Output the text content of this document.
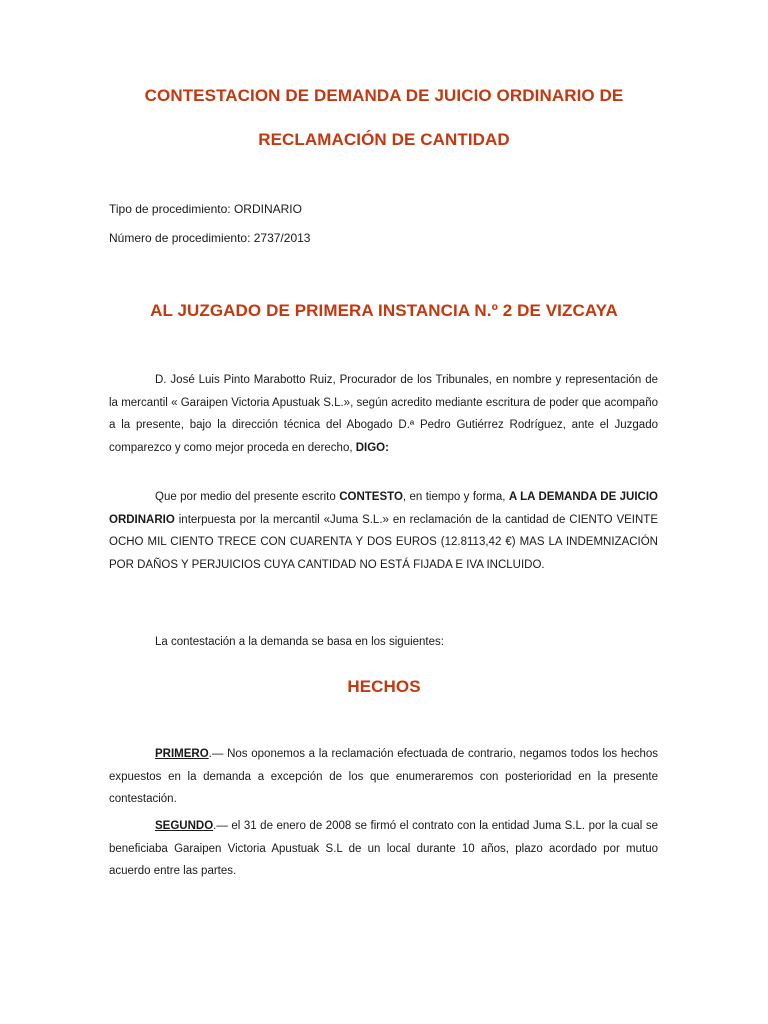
CONTESTACION DE DEMANDA DE JUICIO ORDINARIO DE
RECLAMACIÓN DE CANTIDAD

Tipo de procedimiento: ORDINARIO

Número de procedimiento: 2737/2013

AL JUZGADO DE PRIMERA INSTANCIA N.º 2 DE VIZCAYA

D. José Luis Pinto Marabotto Ruiz, Procurador de los Tribunales, en nombre y representación de la mercantil « Garaipen Victoria Apustuak S.L.», según acredito mediante escritura de poder que acompaño a la presente, bajo la dirección técnica del Abogado D.ª Pedro Gutiérrez Rodríguez, ante el Juzgado comparezco y como mejor proceda en derecho, DIGO:

Que por medio del presente escrito CONTESTO, en tiempo y forma, A LA DEMANDA DE JUICIO ORDINARIO interpuesta por la mercantil «Juma S.L.» en reclamación de la cantidad de CIENTO VEINTE OCHO MIL CIENTO TRECE CON CUARENTA Y DOS EUROS (12.8113,42 €) MAS LA INDEMNIZACIÓN POR DAÑOS Y PERJUICIOS CUYA CANTIDAD NO ESTÁ FIJADA E IVA INCLUIDO.

La contestación a la demanda se basa en los siguientes:

HECHOS

PRIMERO.— Nos oponemos a la reclamación efectuada de contrario, negamos todos los hechos expuestos en la demanda a excepción de los que enumeraremos con posterioridad en la presente contestación.

SEGUNDO.— el 31 de enero de 2008 se firmó el contrato con la entidad Juma S.L. por la cual se beneficiaba Garaipen Victoria Apustuak S.L de un local durante 10 años, plazo acordado por mutuo acuerdo entre las partes.
